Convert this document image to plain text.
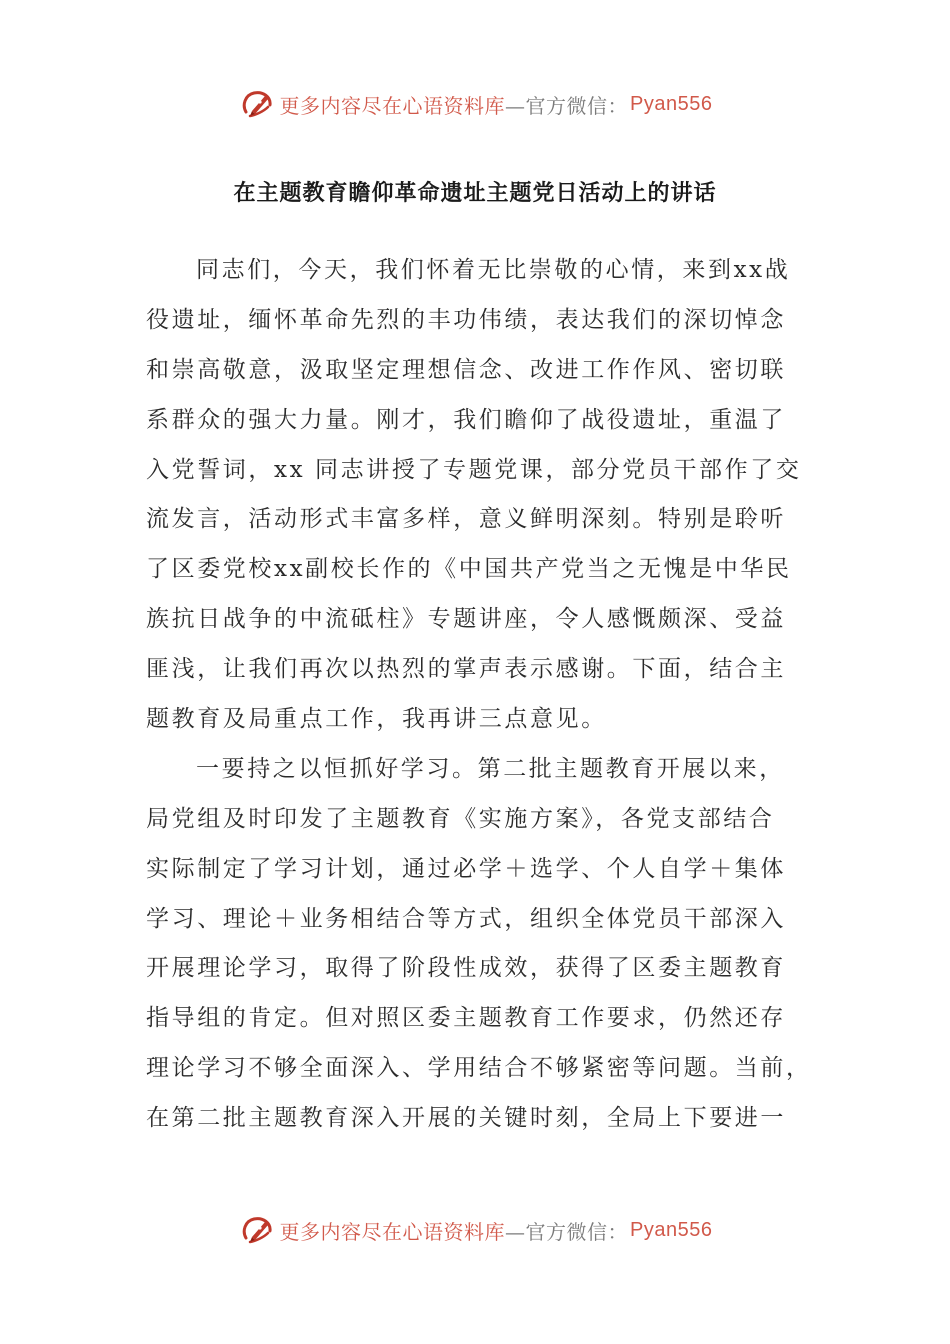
更多内容尽在心语资料库 —官方微信： Pyan556
在主题教育瞻仰革命遗址主题党日活动上的讲话
同志们，今天，我们怀着无比崇敬的心情，来到xx战
役遗址，缅怀革命先烈的丰功伟绩，表达我们的深切悼念
和崇高敬意，汲取坚定理想信念、改进工作作风、密切联
系群众的强大力量。刚才，我们瞻仰了战役遗址，重温了
入党誓词，xx 同志讲授了专题党课，部分党员干部作了交
流发言，活动形式丰富多样，意义鲜明深刻。特别是聆听
了区委党校xx副校长作的《中国共产党当之无愧是中华民
族抗日战争的中流砥柱》专题讲座，令人感慨颇深、受益
匪浅，让我们再次以热烈的掌声表示感谢。下面，结合主
题教育及局重点工作，我再讲三点意见。
一要持之以恒抓好学习。第二批主题教育开展以来，
局党组及时印发了主题教育《实施方案》，各党支部结合
实际制定了学习计划，通过必学＋选学、个人自学＋集体
学习、理论＋业务相结合等方式，组织全体党员干部深入
开展理论学习，取得了阶段性成效，获得了区委主题教育
指导组的肯定。但对照区委主题教育工作要求，仍然还存
理论学习不够全面深入、学用结合不够紧密等问题。当前，
在第二批主题教育深入开展的关键时刻，全局上下要进一
更多内容尽在心语资料库 —官方微信： Pyan556
